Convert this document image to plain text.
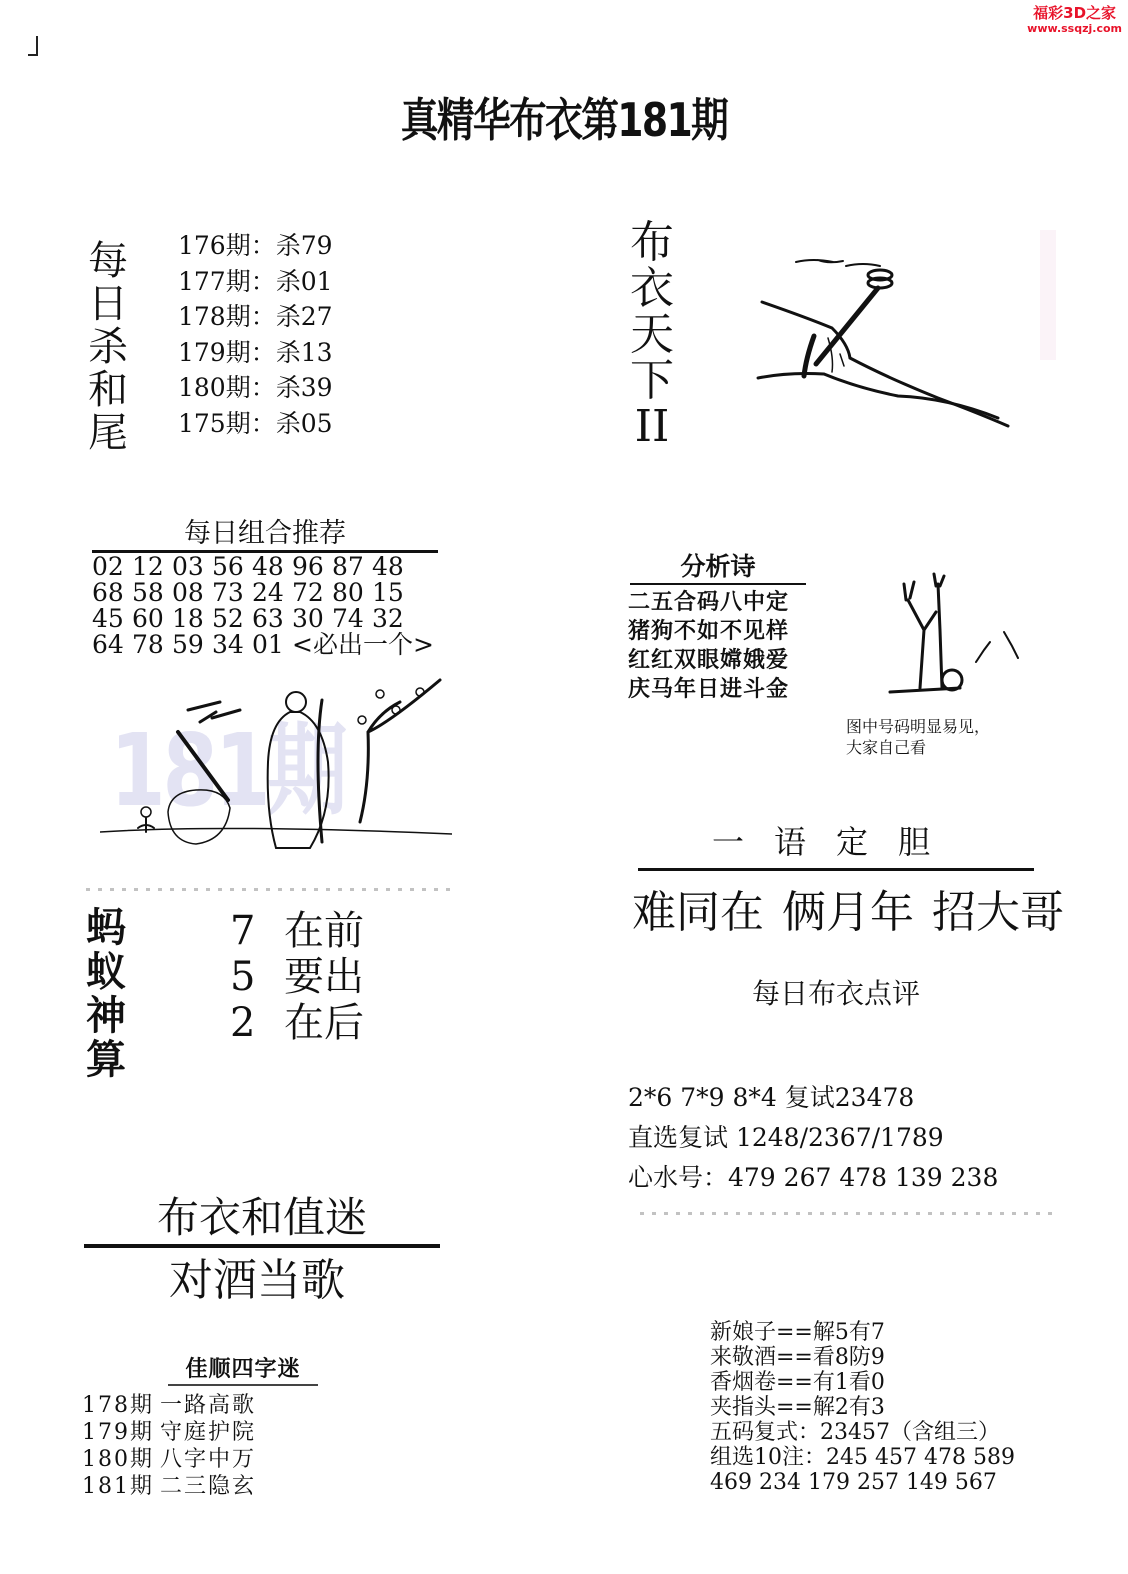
福彩3D之家
www.ssqzj.com
真精华布衣第181期
每
日
杀
和
尾
176期：杀79
177期：杀01
178期：杀27
179期：杀13
180期：杀39
175期：杀05
布
衣
天
下
II
每日组合推荐
02 12 03 56 48 96 87 48
68 58 08 73 24 72 80 15
45 60 18 52 63 30 74 32
64 78 59 34 01 <必出一个>
181期
蚂
蚁
神
算
7 在前
5 要出
2 在后
分析诗
二五合码八中定
猪狗不如不见样
红红双眼嫦娥爱
庆马年日进斗金
图中号码明显易见，
大家自己看
一语定胆
难同在 俩月年 招大哥
每日布衣点评
2*6 7*9 8*4 复试23478
直选复试 1248/2367/1789
心水号：479 267 478 139 238
布衣和值迷
对酒当歌
佳顺四字迷
178期 一路高歌
179期 守庭护院
180期 八字中万
181期 二三隐玄
新娘子==解5有7
来敬酒==看8防9
香烟卷==有1看0
夹指头==解2有3
五码复式：23457（含组三）
组选10注：245 457 478 589
469 234 179 257 149 567
